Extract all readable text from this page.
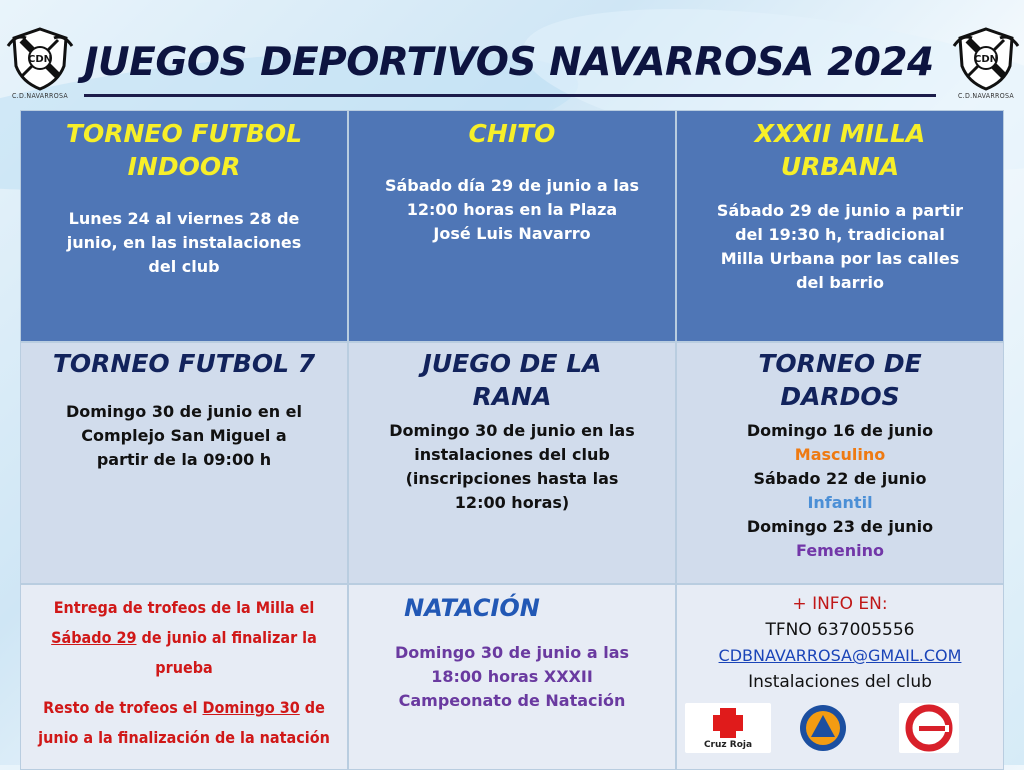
CDN
C.D.NAVARROSA
CDN
C.D.NAVARROSA
JUEGOS DEPORTIVOS NAVARROSA 2024
TORNEO FUTBOL INDOOR

Lunes 24 al viernes 28 de

junio, en las instalaciones

del club

CHITO

Sábado día 29 de junio a las

12:00 horas en la Plaza

José Luis Navarro

XXXII MILLA URBANA

Sábado 29 de junio a partir

del 19:30 h, tradicional

Milla Urbana por las calles

del barrio

TORNEO FUTBOL 7

Domingo 30 de junio en el

Complejo San Miguel a

partir de la 09:00 h

JUEGO DE LA RANA

Domingo 30 de junio en las

instalaciones del club

(inscripciones hasta las

12:00 horas)

TORNEO DE DARDOS

Domingo 16 de junio

Masculino

Sábado 22 de junio

Infantil

Domingo 23 de junio

Femenino

Entrega de trofeos de la Milla el

Sábado 29 de junio al finalizar la

prueba

Resto de trofeos el Domingo 30 de

junio a la finalización de la natación

NATACIÓN

Domingo 30 de junio a las

18:00 horas XXXII

Campeonato de Natación

+ INFO EN:

TFNO 637005556

CDBNAVARROSA@GMAIL.COM

Instalaciones del club

Cruz Roja
